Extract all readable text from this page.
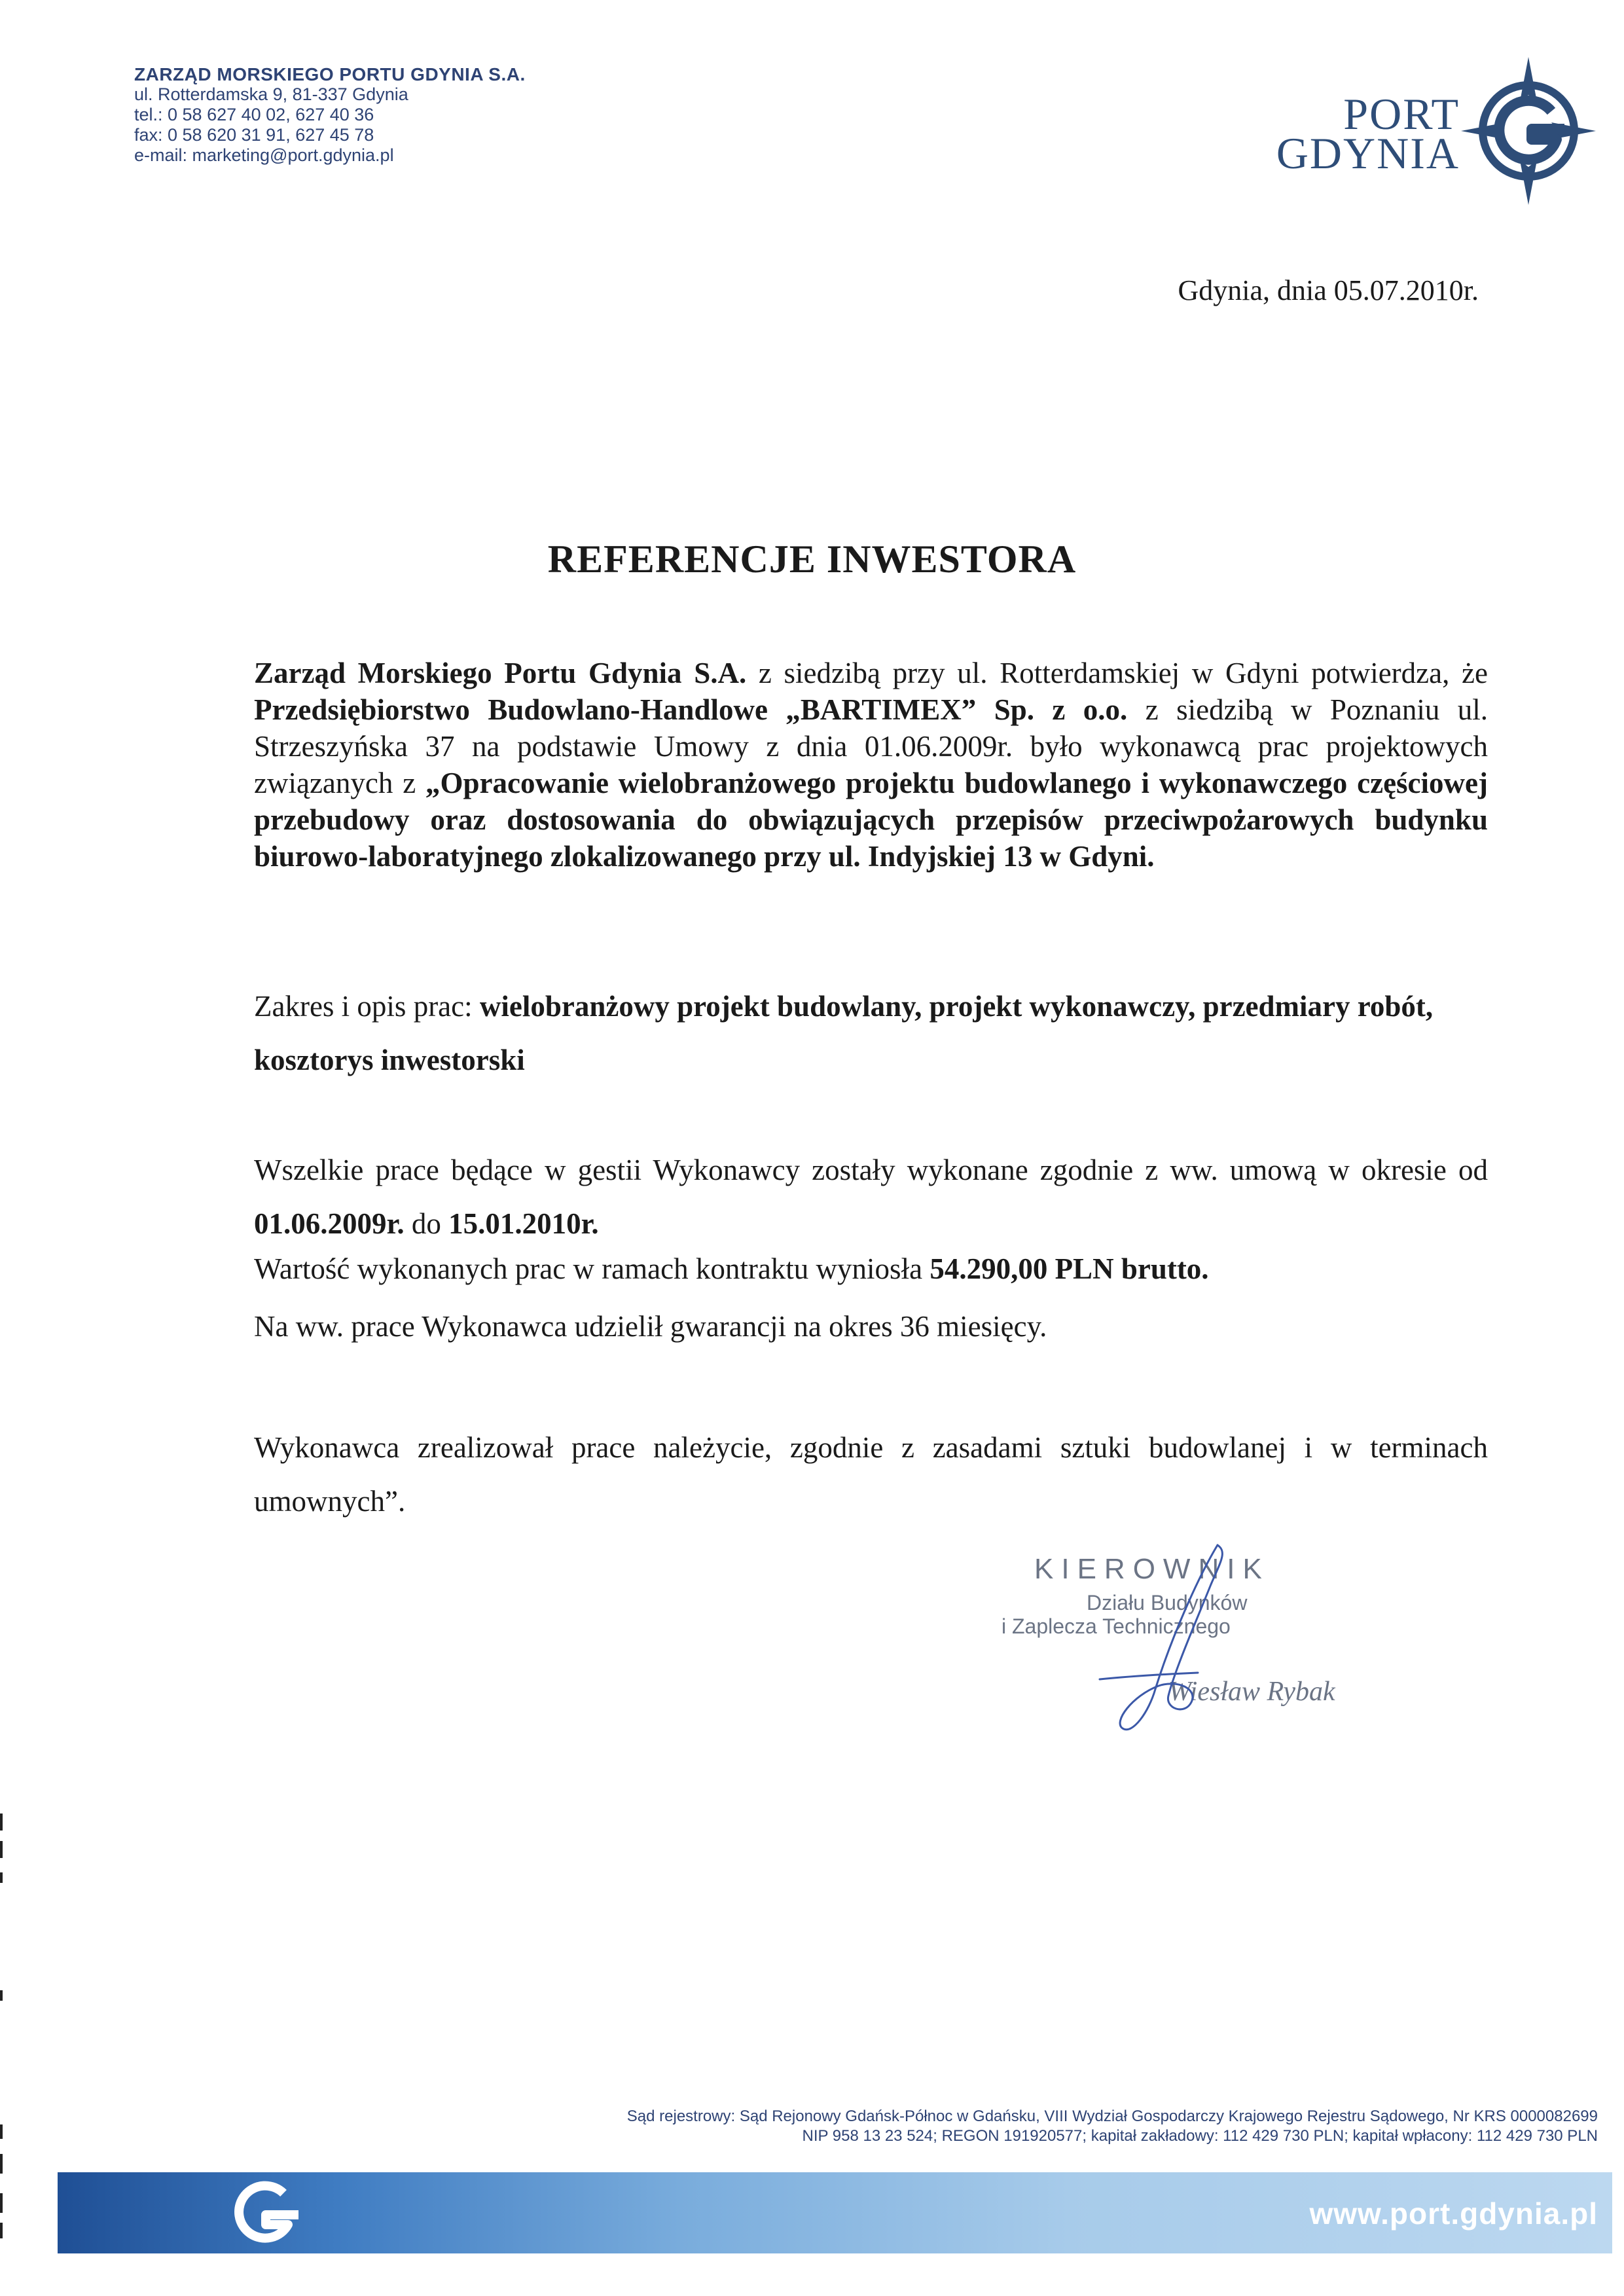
ZARZĄD MORSKIEGO PORTU GDYNIA S.A.
ul. Rotterdamska 9, 81-337 Gdynia
tel.: 0 58 627 40 02, 627 40 36
fax: 0 58 620 31 91, 627 45 78
e-mail: marketing@port.gdynia.pl
PORT
GDYNIA
Gdynia, dnia 05.07.2010r.
REFERENCJE INWESTORA
Zarząd Morskiego Portu Gdynia S.A. z siedzibą przy ul. Rotterdamskiej w Gdyni potwierdza, że Przedsiębiorstwo Budowlano-Handlowe „BARTIMEX” Sp. z o.o. z siedzibą w Poznaniu ul. Strzeszyńska 37 na podstawie Umowy z dnia 01.06.2009r. było wykonawcą prac projektowych związanych z „Opracowanie wielobranżowego projektu budowlanego i wykonawczego częściowej przebudowy oraz dostosowania do obwiązujących przepisów przeciwpożarowych budynku biurowo-laboratyjnego zlokalizowanego przy ul. Indyjskiej 13 w Gdyni.
Zakres i opis prac: wielobranżowy projekt budowlany, projekt wykonawczy, przedmiary robót, kosztorys inwestorski
Wszelkie prace będące w gestii Wykonawcy zostały wykonane zgodnie z ww. umową w okresie od 01.06.2009r. do 15.01.2010r.
Wartość wykonanych prac w ramach kontraktu wyniosła 54.290,00 PLN brutto.
Na ww. prace Wykonawca udzielił gwarancji na okres 36 miesięcy.
Wykonawca zrealizował prace należycie, zgodnie z zasadami sztuki budowlanej i w terminach umownych”.
KIEROWNIK
Działu Budynków
i Zaplecza Technicznego
Wiesław Rybak
Sąd rejestrowy: Sąd Rejonowy Gdańsk-Północ w Gdańsku, VIII Wydział Gospodarczy Krajowego Rejestru Sądowego, Nr KRS 0000082699
NIP 958 13 23 524; REGON 191920577; kapitał zakładowy: 112 429 730 PLN; kapitał wpłacony: 112 429 730 PLN
www.port.gdynia.pl
